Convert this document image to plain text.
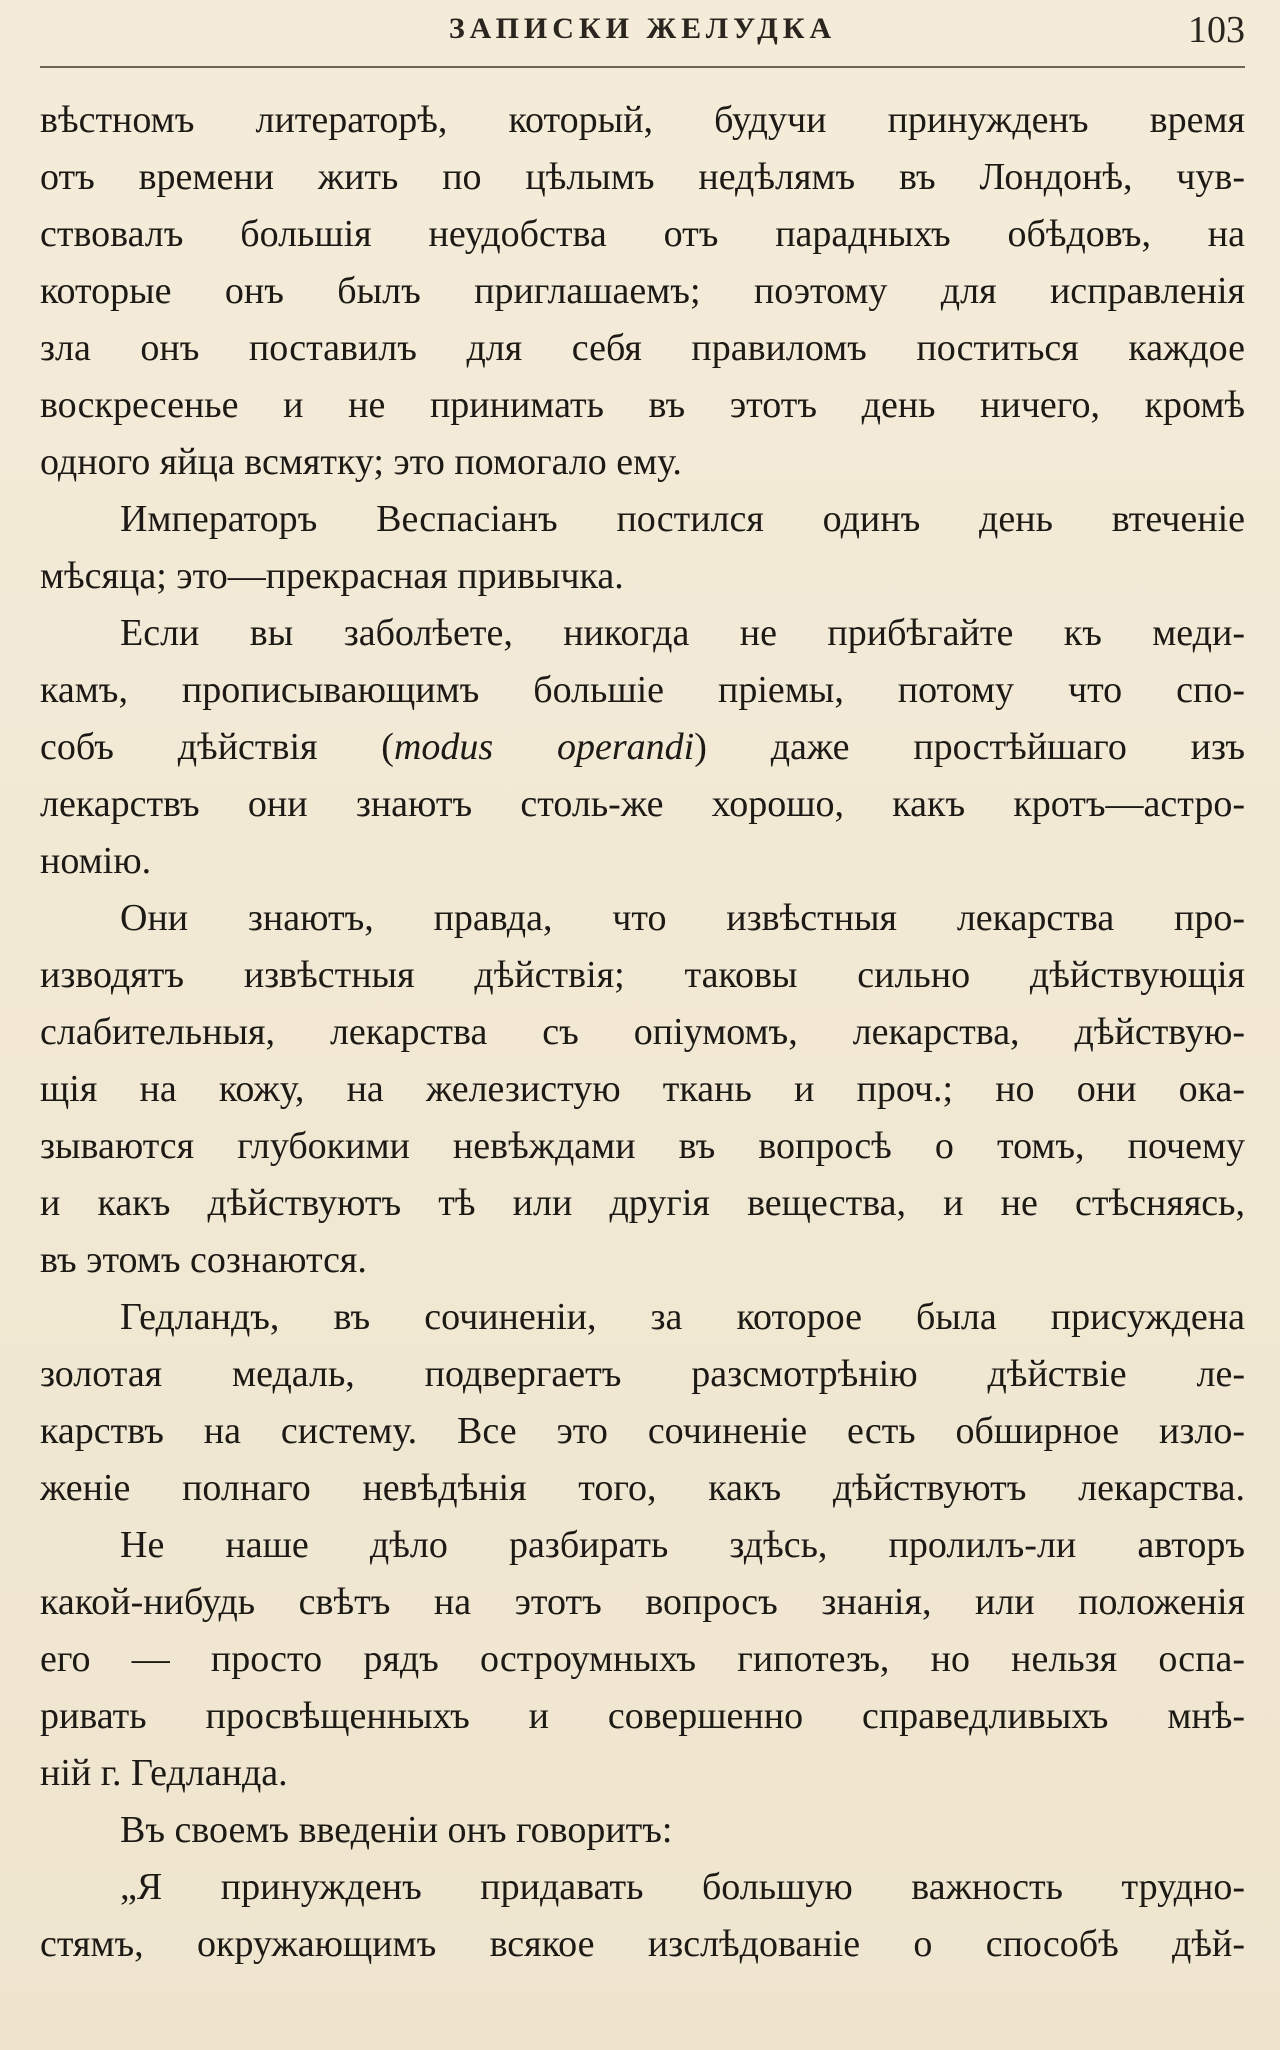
ЗАПИСКИ ЖЕЛУДКА	103
вѣстномъ литераторѣ, который, будучи принужденъ время
отъ времени жить по цѣлымъ недѣлямъ въ Лондонѣ, чув-
ствовалъ большія неудобства отъ парадныхъ обѣдовъ, на
которые онъ былъ приглашаемъ; поэтому для исправленія
зла онъ поставилъ для себя правиломъ поститься каждое
воскресенье и не принимать въ этотъ день ничего, кромѣ
одного яйца всмятку; это помогало ему.
Императоръ Веспасіанъ постился одинъ день втеченіе
мѣсяца; это—прекрасная привычка.
Если вы заболѣете, никогда не прибѣгайте къ меди-
камъ, прописывающимъ большіе пріемы, потому что спо-
собъ дѣйствія (modus operandi) даже простѣйшаго изъ
лекарствъ они знаютъ столь-же хорошо, какъ кротъ—астро-
номію.
Они знаютъ, правда, что извѣстныя лекарства про-
изводятъ извѣстныя дѣйствія; таковы сильно дѣйствующія
слабительныя, лекарства съ опіумомъ, лекарства, дѣйствую-
щія на кожу, на железистую ткань и проч.; но они ока-
зываются глубокими невѣждами въ вопросѣ о томъ, почему
и какъ дѣйствуютъ тѣ или другія вещества, и не стѣсняясь,
въ этомъ сознаются.
Гедландъ, въ сочиненіи, за которое была присуждена
золотая медаль, подвергаетъ разсмотрѣнію дѣйствіе ле-
карствъ на систему. Все это сочиненіе есть обширное изло-
женіе полнаго невѣдѣнія того, какъ дѣйствуютъ лекарства.
Не наше дѣло разбирать здѣсь, пролилъ-ли авторъ
какой-нибудь свѣтъ на этотъ вопросъ знанія, или положенія
его — просто рядъ остроумныхъ гипотезъ, но нельзя оспа-
ривать просвѣщенныхъ и совершенно справедливыхъ мнѣ-
ній г. Гедланда.
Въ своемъ введеніи онъ говоритъ:
„Я принужденъ придавать большую важность трудно-
стямъ, окружающимъ всякое изслѣдованіе о способѣ дѣй-
